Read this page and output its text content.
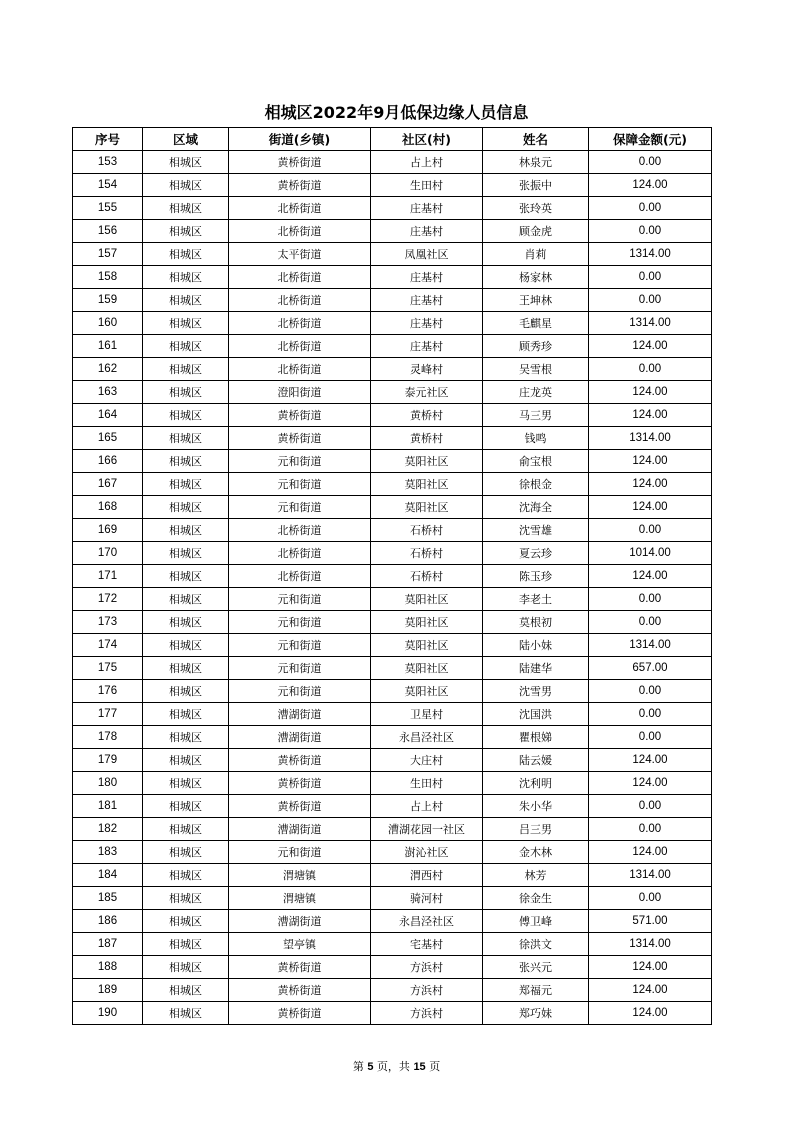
相城区2022年9月低保边缘人员信息
序号	区域	街道(乡镇)	社区(村)	姓名	保障金额(元)
153	相城区	黄桥街道	占上村	林泉元	0.00
154	相城区	黄桥街道	生田村	张振中	124.00
155	相城区	北桥街道	庄基村	张玲英	0.00
156	相城区	北桥街道	庄基村	顾金虎	0.00
157	相城区	太平街道	凤凰社区	肖莉	1314.00
158	相城区	北桥街道	庄基村	杨家林	0.00
159	相城区	北桥街道	庄基村	王坤林	0.00
160	相城区	北桥街道	庄基村	毛麒星	1314.00
161	相城区	北桥街道	庄基村	顾秀珍	124.00
162	相城区	北桥街道	灵峰村	吴雪根	0.00
163	相城区	澄阳街道	泰元社区	庄龙英	124.00
164	相城区	黄桥街道	黄桥村	马三男	124.00
165	相城区	黄桥街道	黄桥村	钱鸣	1314.00
166	相城区	元和街道	莫阳社区	俞宝根	124.00
167	相城区	元和街道	莫阳社区	徐根金	124.00
168	相城区	元和街道	莫阳社区	沈海全	124.00
169	相城区	北桥街道	石桥村	沈雪雄	0.00
170	相城区	北桥街道	石桥村	夏云珍	1014.00
171	相城区	北桥街道	石桥村	陈玉珍	124.00
172	相城区	元和街道	莫阳社区	李老土	0.00
173	相城区	元和街道	莫阳社区	莫根初	0.00
174	相城区	元和街道	莫阳社区	陆小妹	1314.00
175	相城区	元和街道	莫阳社区	陆建华	657.00
176	相城区	元和街道	莫阳社区	沈雪男	0.00
177	相城区	漕湖街道	卫星村	沈国洪	0.00
178	相城区	漕湖街道	永昌泾社区	瞿根娣	0.00
179	相城区	黄桥街道	大庄村	陆云媛	124.00
180	相城区	黄桥街道	生田村	沈利明	124.00
181	相城区	黄桥街道	占上村	朱小华	0.00
182	相城区	漕湖街道	漕湖花园一社区	吕三男	0.00
183	相城区	元和街道	澍沁社区	金木林	124.00
184	相城区	渭塘镇	渭西村	林芳	1314.00
185	相城区	渭塘镇	骑河村	徐金生	0.00
186	相城区	漕湖街道	永昌泾社区	傅卫峰	571.00
187	相城区	望亭镇	宅基村	徐洪文	1314.00
188	相城区	黄桥街道	方浜村	张兴元	124.00
189	相城区	黄桥街道	方浜村	郑福元	124.00
190	相城区	黄桥街道	方浜村	郑巧妹	124.00
第 5 页，共 15 页
